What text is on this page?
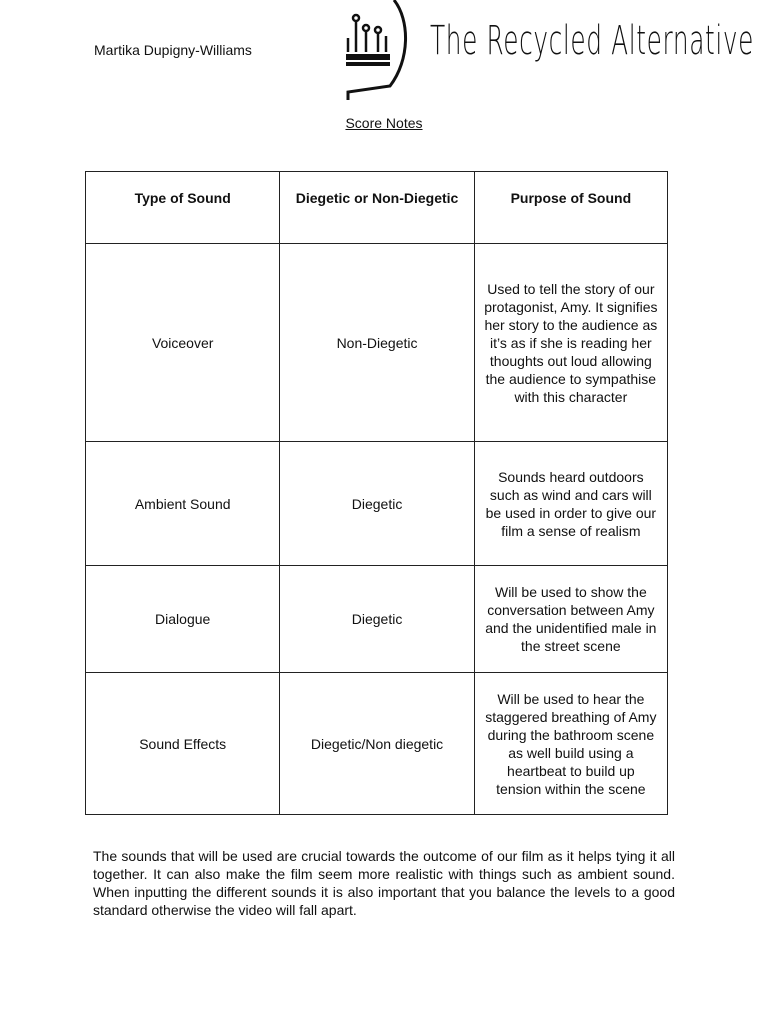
Martika Dupigny-Williams	The Recycled Alternative
Score Notes
Type of Sound	Diegetic or Non-Diegetic	Purpose of Sound
Voiceover	Non-Diegetic	Used to tell the story of our protagonist, Amy. It signifies her story to the audience as it’s as if she is reading her thoughts out loud allowing the audience to sympathise with this character
Ambient Sound	Diegetic	Sounds heard outdoors such as wind and cars will be used in order to give our film a sense of realism
Dialogue	Diegetic	Will be used to show the conversation between Amy and the unidentified male in the street scene
Sound Effects	Diegetic/Non diegetic	Will be used to hear the staggered breathing of Amy during the bathroom scene as well build using a heartbeat to build up tension within the scene
The sounds that will be used are crucial towards the outcome of our film as it helps tying it all together. It can also make the film seem more realistic with things such as ambient sound. When inputting the different sounds it is also important that you balance the levels to a good standard otherwise the video will fall apart.
